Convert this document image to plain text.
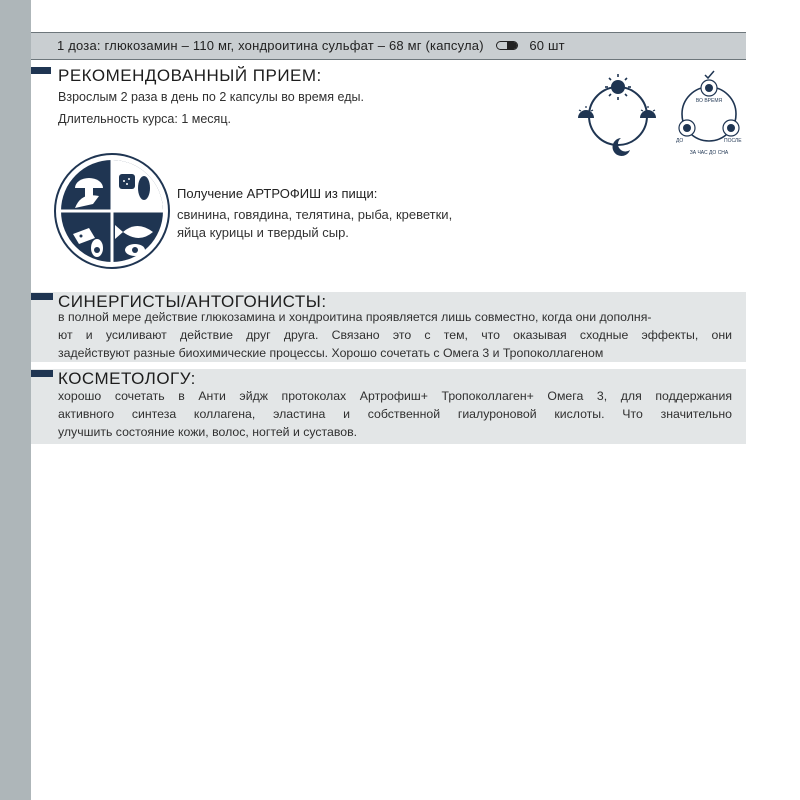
1 доза: глюкозамин – 110 мг, хондроитина сульфат – 68 мг (капсула)	60 шт
РЕКОМЕНДОВАННЫЙ ПРИЕМ:
Взрослым 2 раза в день по 2 капсулы во время еды.
Длительность курса: 1 месяц.
ВО ВРЕМЯ
ДО	ПОСЛЕ
ЗА ЧАС ДО СНА
Получение АРТРОФИШ из пищи:
свинина, говядина, телятина, рыба, креветки,
яйца курицы и твердый сыр.
СИНЕРГИСТЫ/АНТОГОНИСТЫ:
в полной мере действие глюкозамина и хондроитина проявляется лишь совместно, когда они дополня-
ют и усиливают действие друг друга. Связано это с тем, что оказывая сходные эффекты, они
задействуют разные биохимические процессы. Хорошо сочетать с Омега 3 и Тропоколлагеном
КОСМЕТОЛОГУ:
хорошо сочетать в Анти эйдж протоколах Артрофиш+ Тропоколлаген+ Омега 3, для поддержания
активного синтеза коллагена, эластина и собственной гиалуроновой кислоты. Что значительно
улучшить состояние кожи, волос, ногтей и суставов.
